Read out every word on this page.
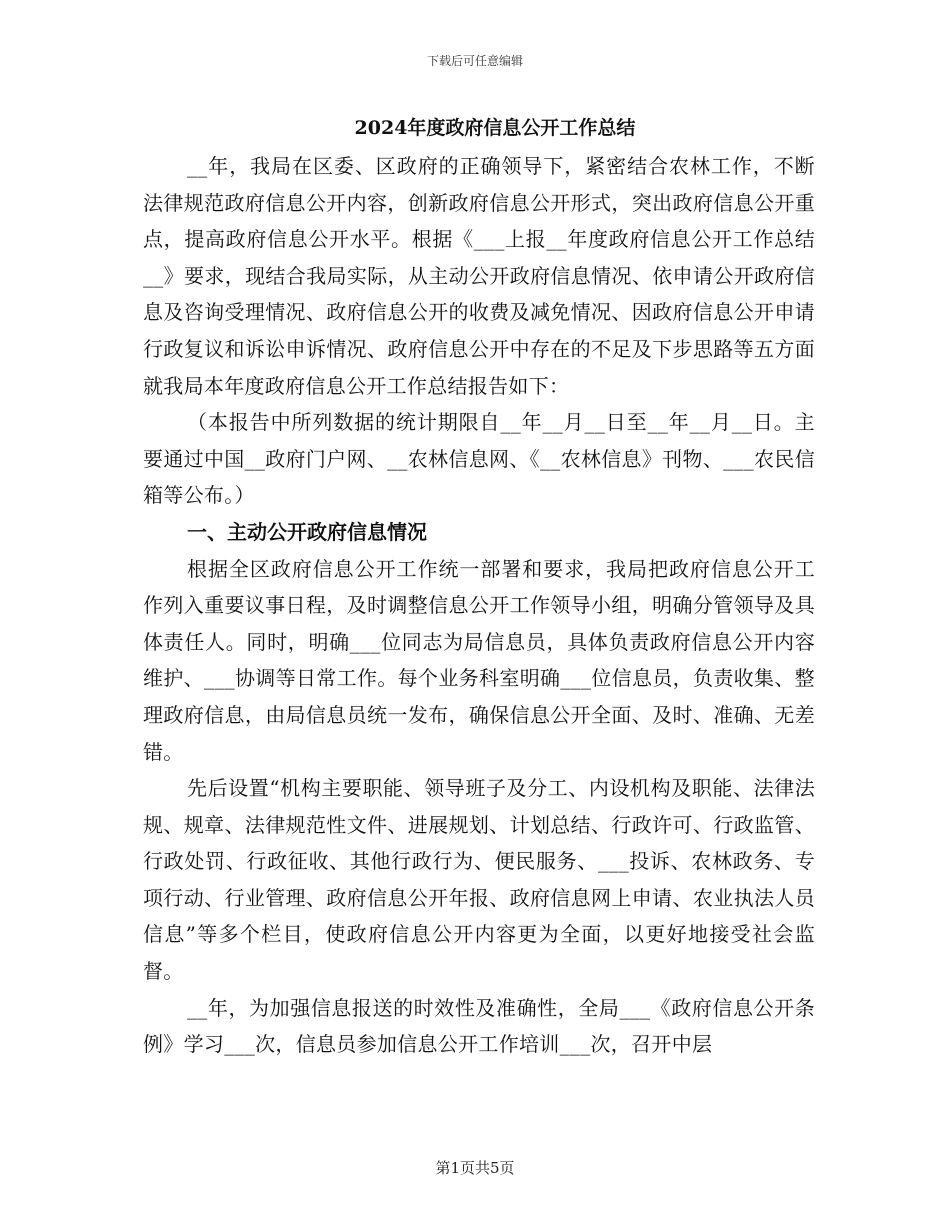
下载后可任意编辑
2024年度政府信息公开工作总结

__年，我局在区委、区政府的正确领导下，紧密结合农林工作，不断法律规范政府信息公开内容，创新政府信息公开形式，突出政府信息公开重点，提高政府信息公开水平。根据《___上报__年度政府信息公开工作总结__》要求，现结合我局实际，从主动公开政府信息情况、依申请公开政府信息及咨询受理情况、政府信息公开的收费及减免情况、因政府信息公开申请行政复议和诉讼申诉情况、政府信息公开中存在的不足及下步思路等五方面就我局本年度政府信息公开工作总结报告如下：

（本报告中所列数据的统计期限自__年__月__日至__年__月__日。主要通过中国__政府门户网、__农林信息网、《__农林信息》刊物、___农民信箱等公布。）

一、主动公开政府信息情况

根据全区政府信息公开工作统一部署和要求，我局把政府信息公开工作列入重要议事日程，及时调整信息公开工作领导小组，明确分管领导及具体责任人。同时，明确___位同志为局信息员，具体负责政府信息公开内容维护、___协调等日常工作。每个业务科室明确___位信息员，负责收集、整理政府信息，由局信息员统一发布，确保信息公开全面、及时、准确、无差错。

先后设置“机构主要职能、领导班子及分工、内设机构及职能、法律法规、规章、法律规范性文件、进展规划、计划总结、行政许可、行政监管、行政处罚、行政征收、其他行政行为、便民服务、___投诉、农林政务、专项行动、行业管理、政府信息公开年报、政府信息网上申请、农业执法人员信息”等多个栏目，使政府信息公开内容更为全面，以更好地接受社会监督。

__年，为加强信息报送的时效性及准确性，全局___《政府信息公开条例》学习___次，信息员参加信息公开工作培训___次，召开中层

第1页共5页
